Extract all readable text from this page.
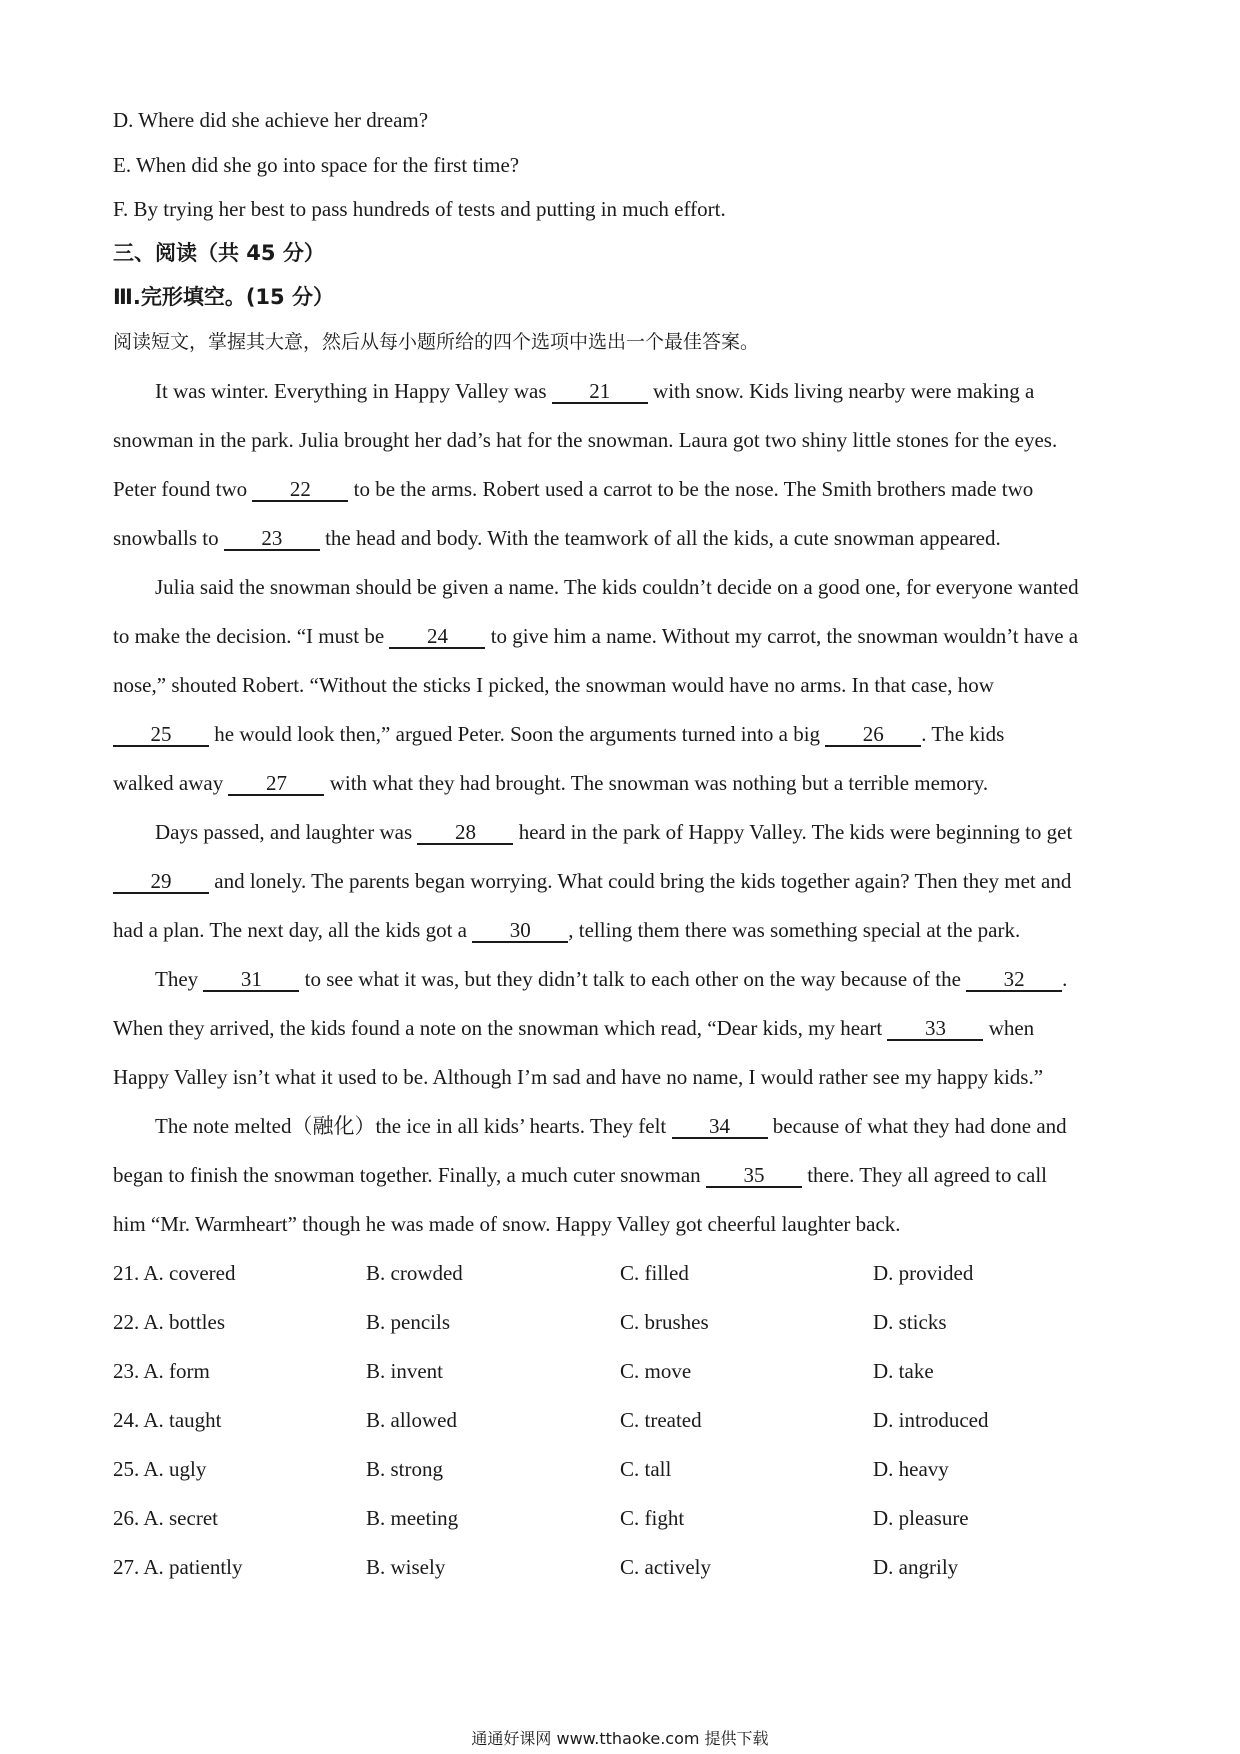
D. Where did she achieve her dream?
E. When did she go into space for the first time?
F. By trying her best to pass hundreds of tests and putting in much effort.
三、阅读（共 45 分）
Ⅲ.完形填空。(15 分）
阅读短文，掌握其大意，然后从每小题所给的四个选项中选出一个最佳答案。
It was winter. Everything in Happy Valley was 21 with snow. Kids living nearby were making a
snowman in the park. Julia brought her dad’s hat for the snowman. Laura got two shiny little stones for the eyes.
Peter found two 22 to be the arms. Robert used a carrot to be the nose. The Smith brothers made two
snowballs to 23 the head and body. With the teamwork of all the kids, a cute snowman appeared.
Julia said the snowman should be given a name. The kids couldn’t decide on a good one, for everyone wanted
to make the decision. “I must be 24 to give him a name. Without my carrot, the snowman wouldn’t have a
nose,” shouted Robert. “Without the sticks I picked, the snowman would have no arms. In that case, how
25 he would look then,” argued Peter. Soon the arguments turned into a big 26 . The kids
walked away 27 with what they had brought. The snowman was nothing but a terrible memory.
Days passed, and laughter was 28 heard in the park of Happy Valley. The kids were beginning to get
29 and lonely. The parents began worrying. What could bring the kids together again? Then they met and
had a plan. The next day, all the kids got a 30 , telling them there was something special at the park.
They 31 to see what it was, but they didn’t talk to each other on the way because of the 32 .
When they arrived, the kids found a note on the snowman which read, “Dear kids, my heart 33 when
Happy Valley isn’t what it used to be. Although I’m sad and have no name, I would rather see my happy kids.”
The note melted（融化）the ice in all kids’ hearts. They felt 34 because of what they had done and
began to finish the snowman together. Finally, a much cuter snowman 35 there. They all agreed to call
him “Mr. Warmheart” though he was made of snow. Happy Valley got cheerful laughter back.
21. A. covered	B. crowded	C. filled	D. provided
22. A. bottles	B. pencils	C. brushes	D. sticks
23. A. form	B. invent	C. move	D. take
24. A. taught	B. allowed	C. treated	D. introduced
25. A. ugly	B. strong	C. tall	D. heavy
26. A. secret	B. meeting	C. fight	D. pleasure
27. A. patiently	B. wisely	C. actively	D. angrily
通通好课网 www.tthaoke.com 提供下载
